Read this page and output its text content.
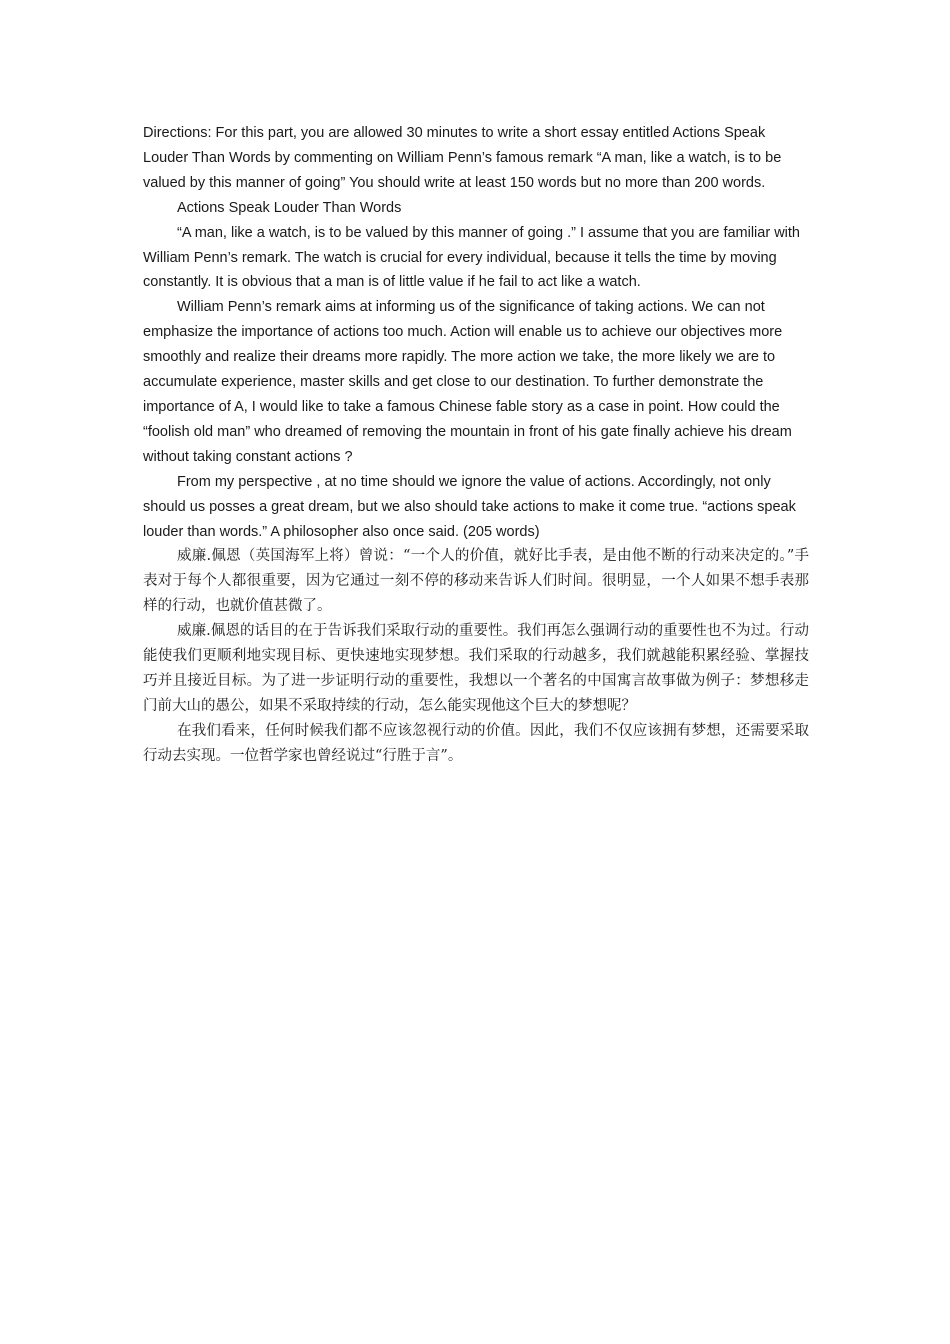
Directions: For this part, you are allowed 30 minutes to write a short essay entitled Actions Speak Louder Than Words by commenting on William Penn’s famous remark “A man, like a watch, is to be valued by this manner of going” You should write at least 150 words but no more than 200 words.

Actions Speak Louder Than Words

“A man, like a watch, is to be valued by this manner of going .” I assume that you are familiar with William Penn’s remark. The watch is crucial for every individual, because it tells the time by moving constantly. It is obvious that a man is of little value if he fail to act like a watch.

William Penn’s remark aims at informing us of the significance of taking actions. We can not emphasize the importance of actions too much. Action will enable us to achieve our objectives more smoothly and realize their dreams more rapidly. The more action we take, the more likely we are to accumulate experience, master skills and get close to our destination. To further demonstrate the importance of A, I would like to take a famous Chinese fable story as a case in point. How could the “foolish old man” who dreamed of removing the mountain in front of his gate finally achieve his dream without taking constant actions ?

From my perspective , at no time should we ignore the value of actions. Accordingly, not only should us posses a great dream, but we also should take actions to make it come true. “actions speak louder than words.” A philosopher also once said. (205 words)

威廉.佩恩（英国海军上将）曾说：“一个人的价值，就好比手表，是由他不断的行动来决定的。”手表对于每个人都很重要，因为它通过一刻不停的移动来告诉人们时间。很明显，一个人如果不想手表那样的行动，也就价值甚微了。

威廉.佩恩的话目的在于告诉我们采取行动的重要性。我们再怎么强调行动的重要性也不为过。行动能使我们更顺利地实现目标、更快速地实现梦想。我们采取的行动越多，我们就越能积累经验、掌握技巧并且接近目标。为了进一步证明行动的重要性，我想以一个著名的中国寓言故事做为例子：梦想移走门前大山的愚公，如果不采取持续的行动，怎么能实现他这个巨大的梦想呢？

在我们看来，任何时候我们都不应该忽视行动的价值。因此，我们不仅应该拥有梦想，还需要采取行动去实现。一位哲学家也曾经说过“行胜于言”。
